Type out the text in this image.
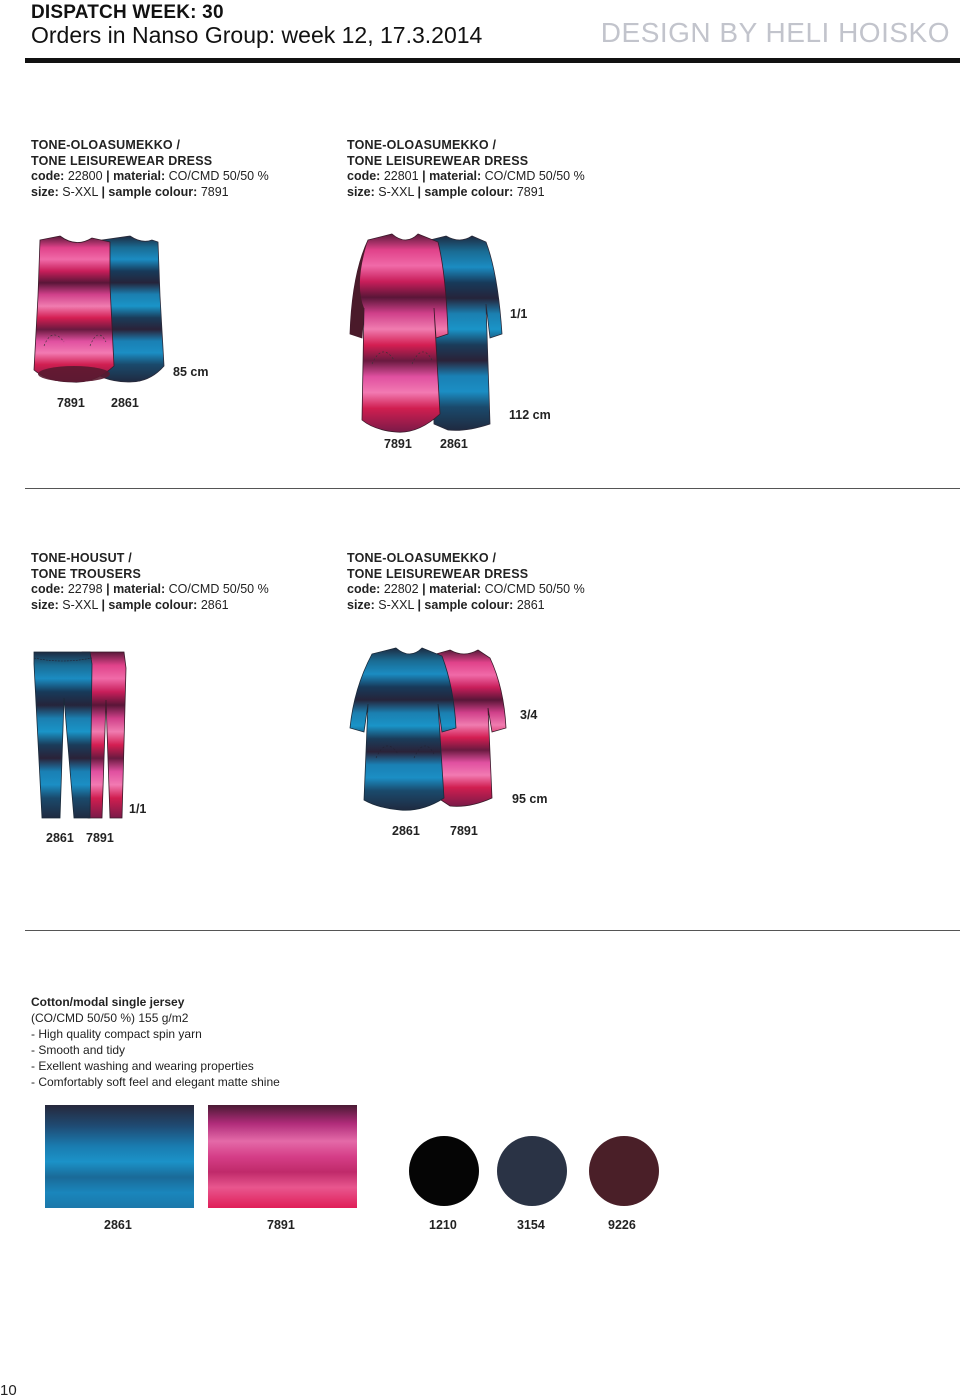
DISPATCH WEEK: 30
Orders in Nanso Group: week 12, 17.3.2014	DESIGN BY HELI HOISKO
TONE-OLOASUMEKKO /
TONE LEISUREWEAR DRESS
code: 22800 | material: CO/CMD 50/50 %
size: S-XXL | sample colour: 7891
TONE-OLOASUMEKKO /
TONE LEISUREWEAR DRESS
code: 22801 | material: CO/CMD 50/50 %
size: S-XXL | sample colour: 7891
85 cm
7891 2861
1/1
112 cm
7891 2861
TONE-HOUSUT /
TONE TROUSERS
code: 22798 | material: CO/CMD 50/50 %
size: S-XXL | sample colour: 2861
TONE-OLOASUMEKKO /
TONE LEISUREWEAR DRESS
code: 22802 | material: CO/CMD 50/50 %
size: S-XXL | sample colour: 2861
1/1
2861 7891
3/4
95 cm
2861 7891
Cotton/modal single jersey
(CO/CMD 50/50 %) 155 g/m2
- High quality compact spin yarn
- Smooth and tidy
- Exellent washing and wearing properties
- Comfortably soft feel and elegant matte shine
2861	7891	1210	3154	9226
10
